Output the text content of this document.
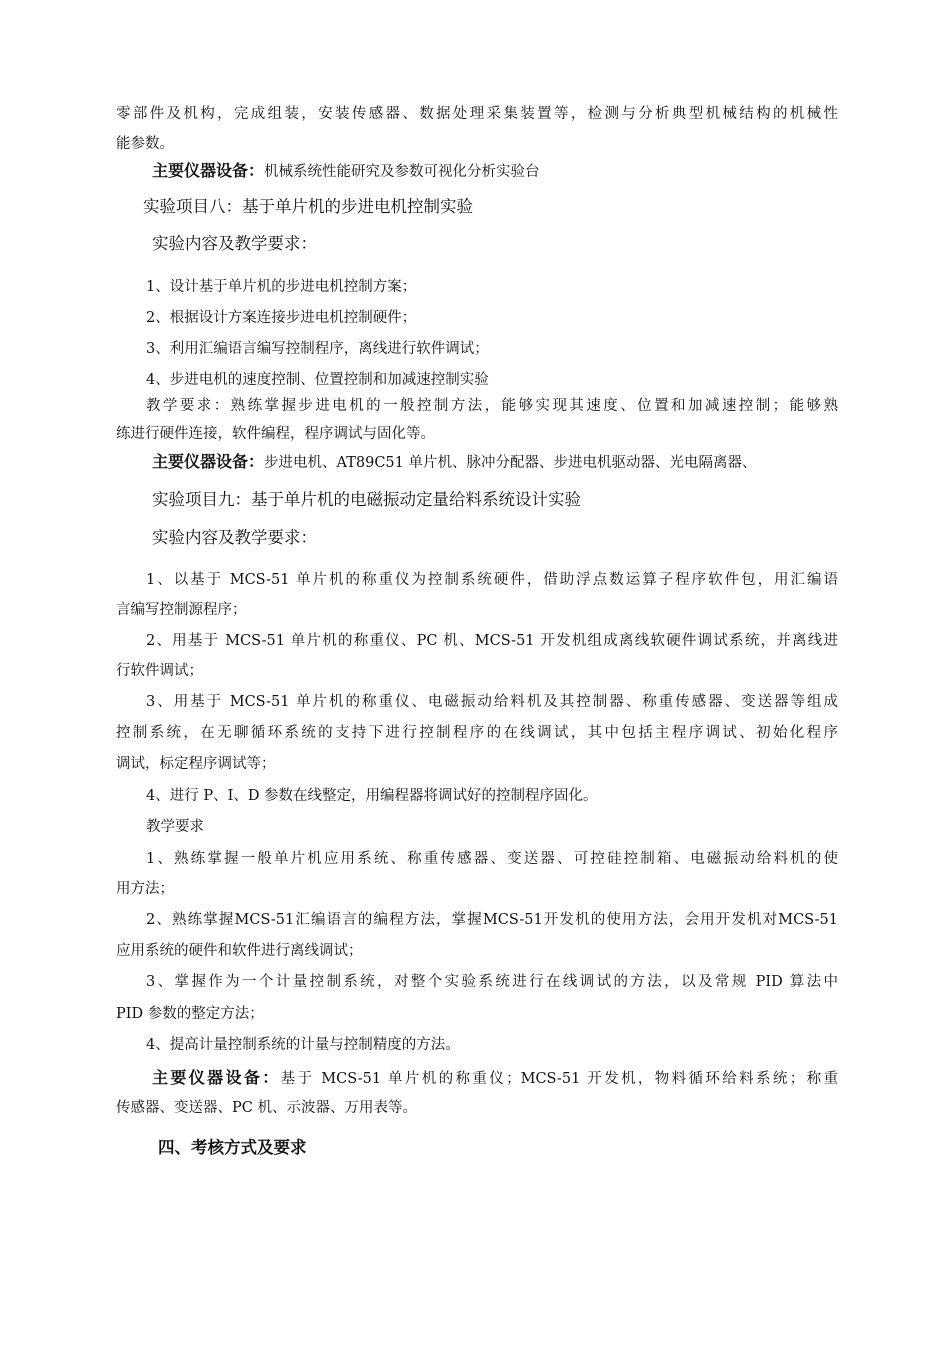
零部件及机构，完成组装，安装传感器、数据处理采集装置等，检测与分析典型机械结构的机械性
能参数。
主要仪器设备：机械系统性能研究及参数可视化分析实验台
实验项目八：基于单片机的步进电机控制实验
实验内容及教学要求：
1、设计基于单片机的步进电机控制方案；
2、根据设计方案连接步进电机控制硬件；
3、利用汇编语言编写控制程序，离线进行软件调试；
4、步进电机的速度控制、位置控制和加减速控制实验
教学要求：熟练掌握步进电机的一般控制方法，能够实现其速度、位置和加减速控制；能够熟
练进行硬件连接，软件编程，程序调试与固化等。
主要仪器设备：步进电机、AT89C51 单片机、脉冲分配器、步进电机驱动器、光电隔离器、
实验项目九：基于单片机的电磁振动定量给料系统设计实验
实验内容及教学要求：
1、以基于 MCS-51 单片机的称重仪为控制系统硬件，借助浮点数运算子程序软件包，用汇编语
言编写控制源程序；
2、用基于 MCS-51 单片机的称重仪、PC 机、MCS-51 开发机组成离线软硬件调试系统，并离线进
行软件调试；
3、用基于 MCS-51 单片机的称重仪、电磁振动给料机及其控制器、称重传感器、变送器等组成
控制系统，在无聊循环系统的支持下进行控制程序的在线调试，其中包括主程序调试、初始化程序
调试，标定程序调试等；
4、进行 P、I、D 参数在线整定，用编程器将调试好的控制程序固化。
教学要求
1、熟练掌握一般单片机应用系统、称重传感器、变送器、可控硅控制箱、电磁振动给料机的使
用方法；
2、熟练掌握MCS-51汇编语言的编程方法，掌握MCS-51开发机的使用方法，会用开发机对MCS-51
应用系统的硬件和软件进行离线调试；
3、掌握作为一个计量控制系统，对整个实验系统进行在线调试的方法，以及常规 PID 算法中
PID 参数的整定方法；
4、提高计量控制系统的计量与控制精度的方法。
主要仪器设备：基于 MCS-51 单片机的称重仪；MCS-51 开发机，物料循环给料系统；称重
传感器、变送器、PC 机、示波器、万用表等。
四、考核方式及要求
